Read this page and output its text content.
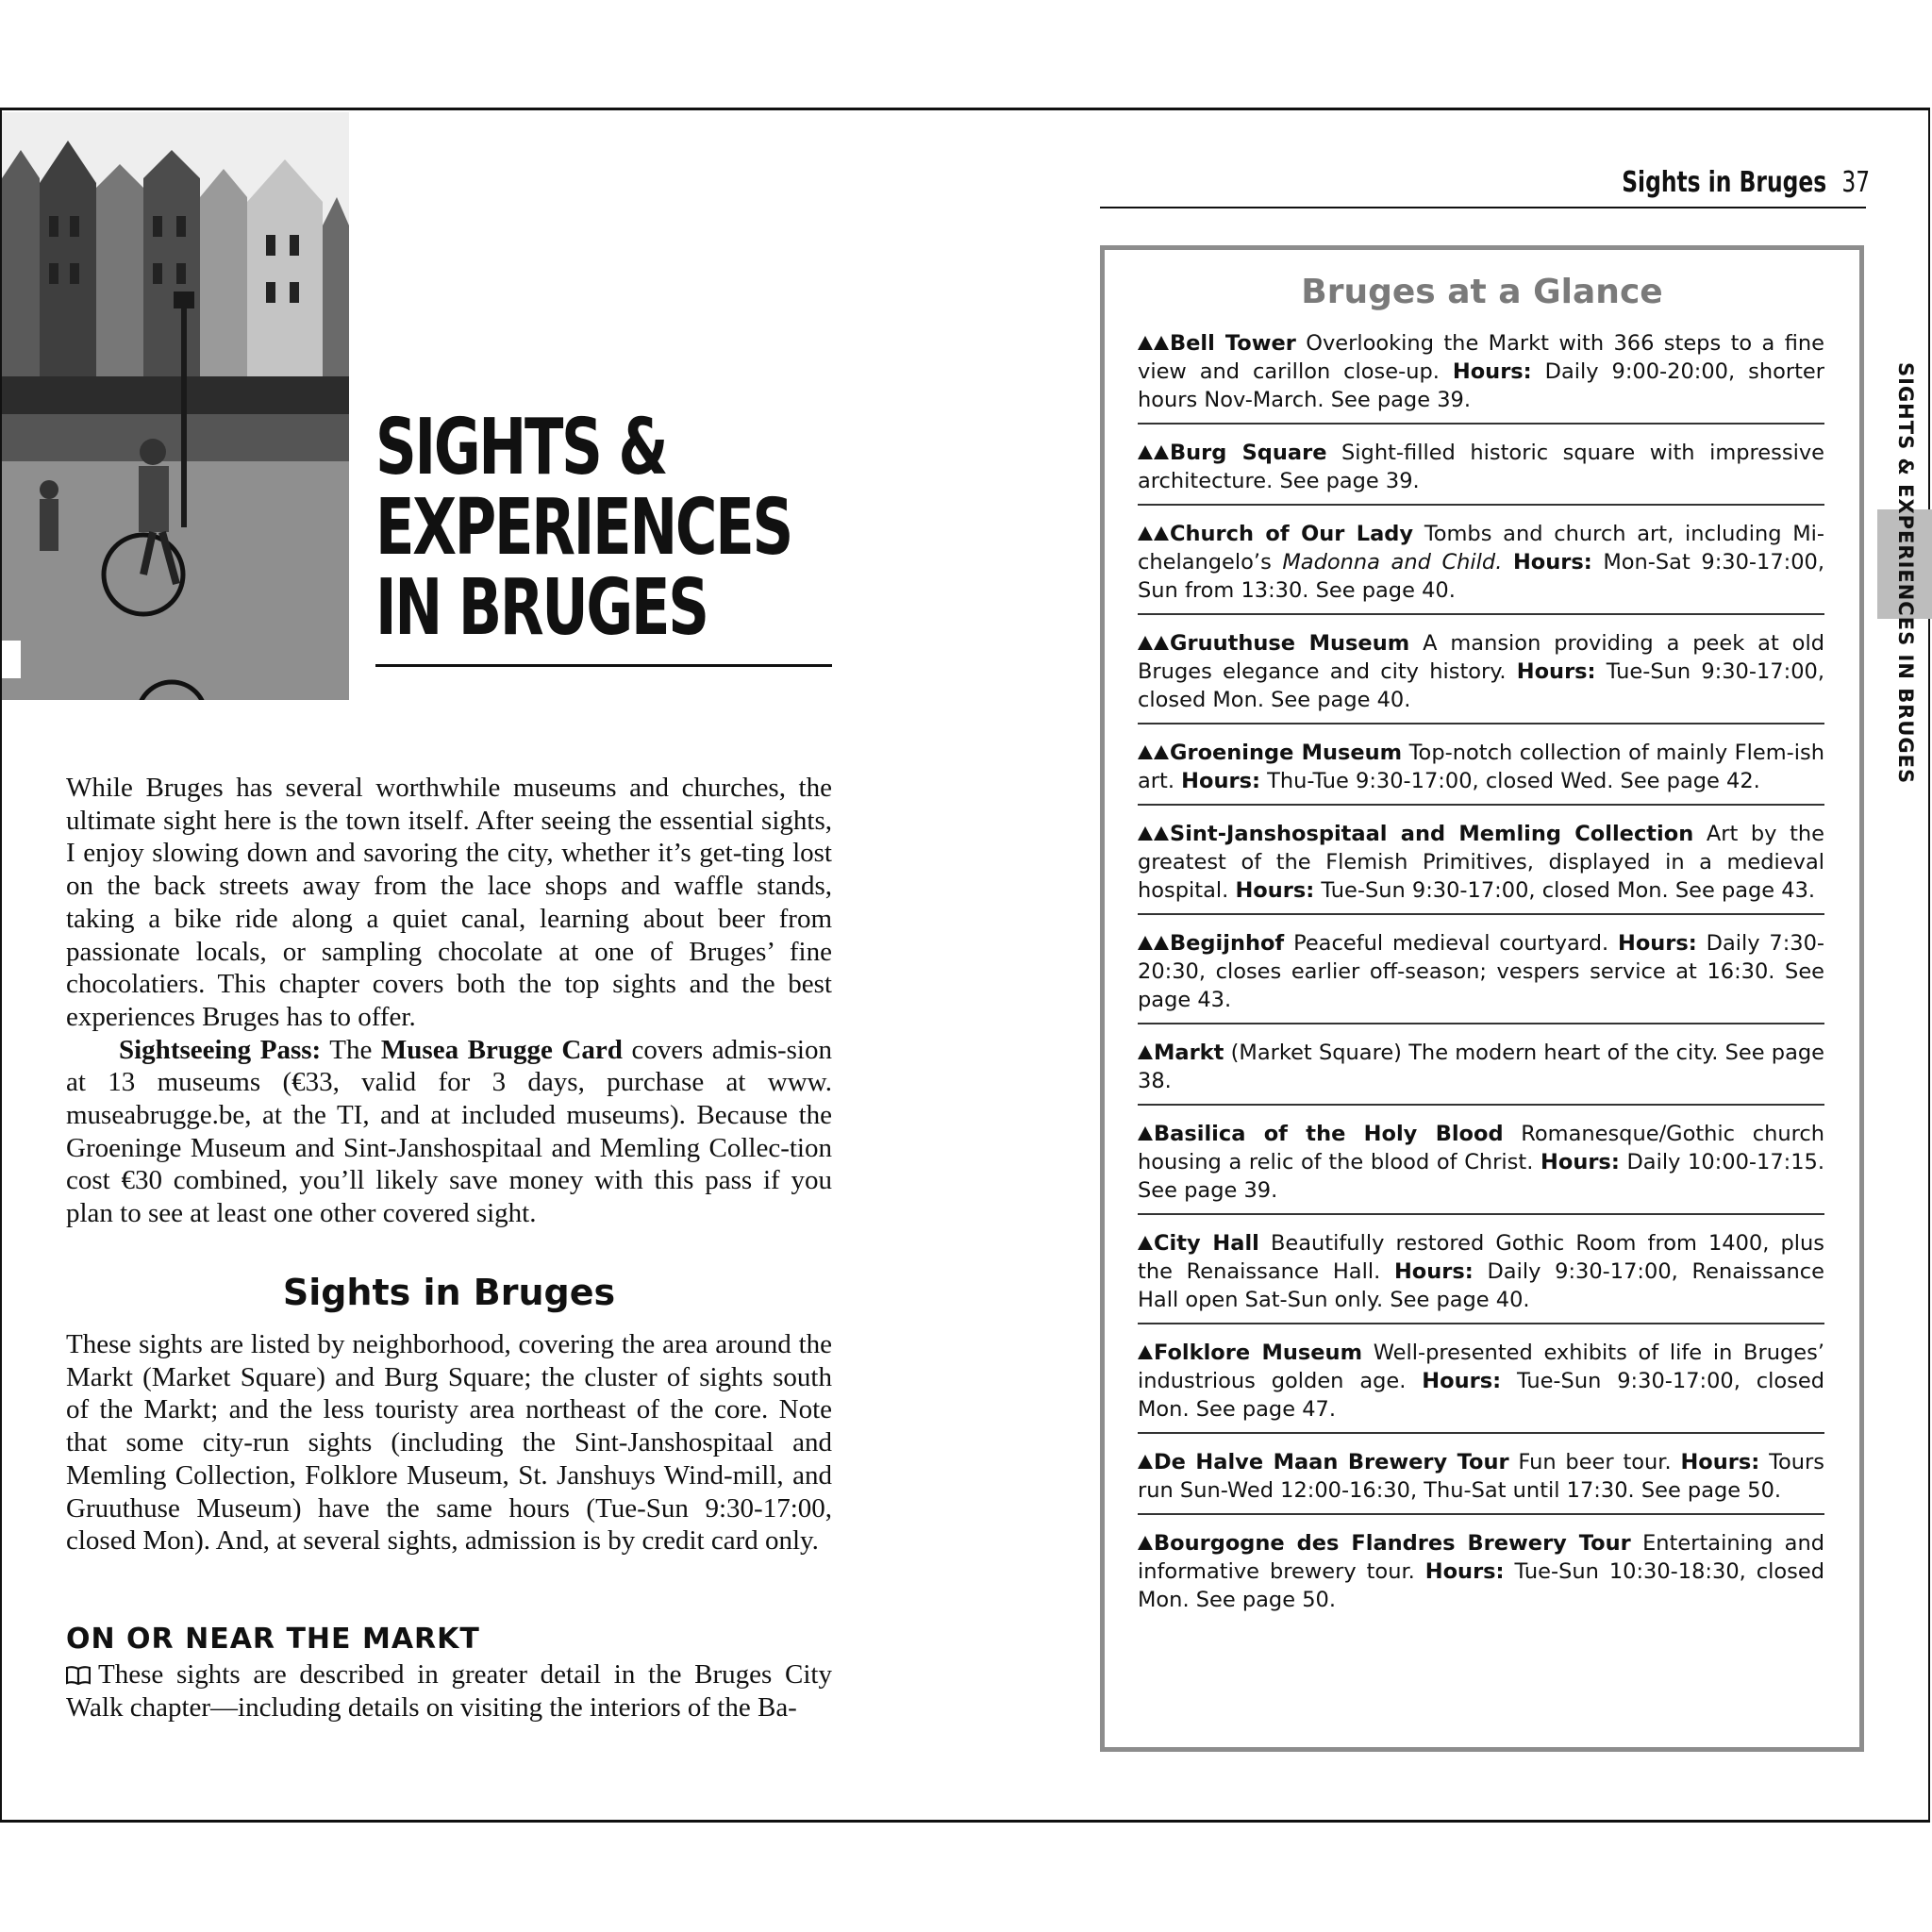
SIGHTS &
EXPERIENCES
IN BRUGES

While Bruges has several worthwhile museums and churches, the ultimate sight here is the town itself. After seeing the essential sights, I enjoy slowing down and savoring the city, whether it’s get-ting lost on the back streets away from the lace shops and waffle stands, taking a bike ride along a quiet canal, learning about beer from passionate locals, or sampling chocolate at one of Bruges’ fine chocolatiers. This chapter covers both the top sights and the best experiences Bruges has to offer.

Sightseeing Pass: The Musea Brugge Card covers admis-sion at 13 museums (€33, valid for 3 days, purchase at www. museabrugge.be, at the TI, and at included museums). Because the Groeninge Museum and Sint-Janshospitaal and Memling Collec-tion cost €30 combined, you’ll likely save money with this pass if you plan to see at least one other covered sight.

Sights in Bruges

These sights are listed by neighborhood, covering the area around the Markt (Market Square) and Burg Square; the cluster of sights south of the Markt; and the less touristy area northeast of the core. Note that some city-run sights (including the Sint-Janshospitaal and Memling Collection, Folklore Museum, St. Janshuys Wind-mill, and Gruuthuse Museum) have the same hours (Tue-Sun 9:30-17:00, closed Mon). And, at several sights, admission is by credit card only.

ON OR NEAR THE MARKT

These sights are described in greater detail in the Bruges City Walk chapter—including details on visiting the interiors of the Ba-

Sights in Bruges 37
Bruges at a Glance
Bell Tower Overlooking the Markt with 366 steps to a fine view and carillon close-up. Hours: Daily 9:00-20:00, shorter hours Nov-March. See page 39.
Burg Square Sight-filled historic square with impressive architecture. See page 39.
Church of Our Lady Tombs and church art, including Mi-chelangelo’s Madonna and Child. Hours: Mon-Sat 9:30-17:00, Sun from 13:30. See page 40.
Gruuthuse Museum A mansion providing a peek at old Bruges elegance and city history. Hours: Tue-Sun 9:30-17:00, closed Mon. See page 40.
Groeninge Museum Top-notch collection of mainly Flem-ish art. Hours: Thu-Tue 9:30-17:00, closed Wed. See page 42.
Sint-Janshospitaal and Memling Collection Art by the greatest of the Flemish Primitives, displayed in a medieval hospital. Hours: Tue-Sun 9:30-17:00, closed Mon. See page 43.
Begijnhof Peaceful medieval courtyard. Hours: Daily 7:30-20:30, closes earlier off-season; vespers service at 16:30. See page 43.
Markt (Market Square) The modern heart of the city. See page 38.
Basilica of the Holy Blood Romanesque/Gothic church housing a relic of the blood of Christ. Hours: Daily 10:00-17:15. See page 39.
City Hall Beautifully restored Gothic Room from 1400, plus the Renaissance Hall. Hours: Daily 9:30-17:00, Renaissance Hall open Sat-Sun only. See page 40.
Folklore Museum Well-presented exhibits of life in Bruges’ industrious golden age. Hours: Tue-Sun 9:30-17:00, closed Mon. See page 47.
De Halve Maan Brewery Tour Fun beer tour. Hours: Tours run Sun-Wed 12:00-16:30, Thu-Sat until 17:30. See page 50.
Bourgogne des Flandres Brewery Tour Entertaining and informative brewery tour. Hours: Tue-Sun 10:30-18:30, closed Mon. See page 50.
SIGHTS & EXPERIENCES IN BRUGES
